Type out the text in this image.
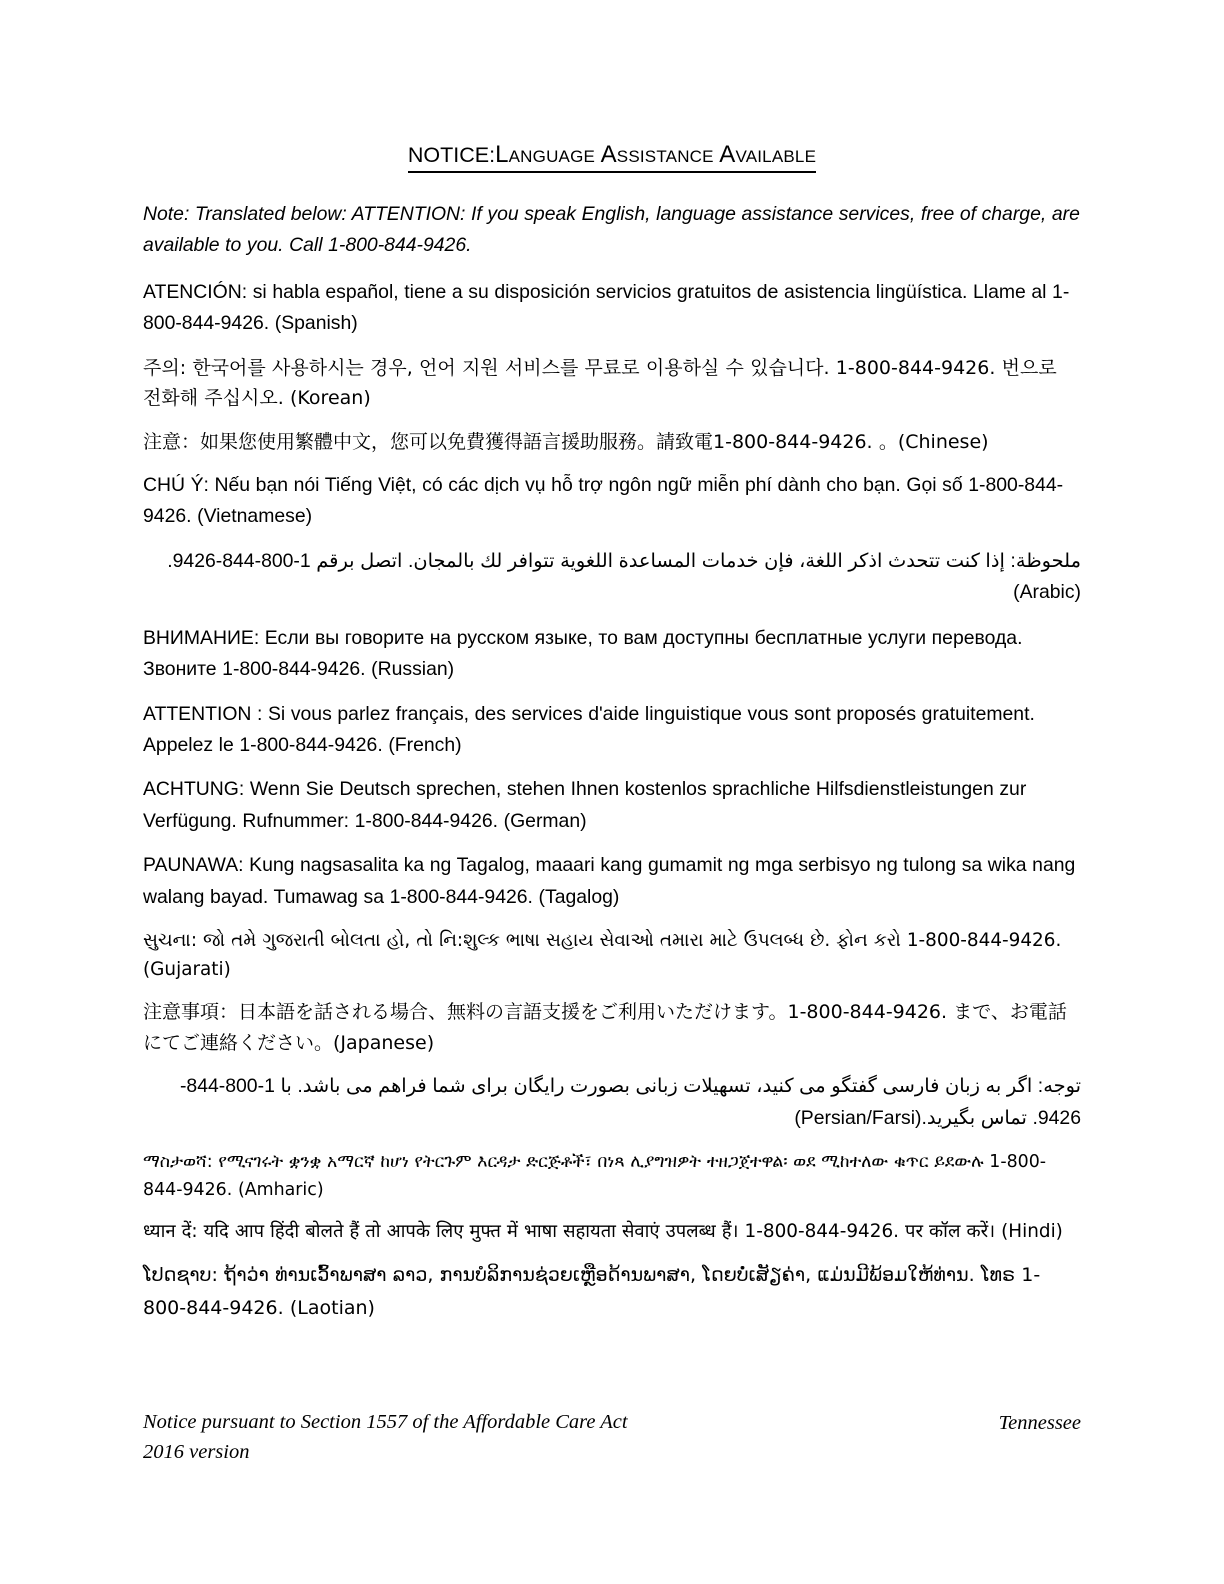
NOTICE:Language Assistance Available

Note: Translated below: ATTENTION: If you speak English, language assistance services, free of charge, are available to you. Call 1-800-844-9426.

ATENCIÓN: si habla español, tiene a su disposición servicios gratuitos de asistencia lingüística. Llame al 1-800-844-9426. (Spanish)

주의: 한국어를 사용하시는 경우, 언어 지원 서비스를 무료로 이용하실 수 있습니다. 1-800-844-9426. 번으로 전화해 주십시오. (Korean)

注意：如果您使用繁體中文，您可以免費獲得語言援助服務。請致電1-800-844-9426. 。(Chinese)

CHÚ Ý: Nếu bạn nói Tiếng Việt, có các dịch vụ hỗ trợ ngôn ngữ miễn phí dành cho bạn. Gọi số 1-800-844-9426. (Vietnamese)

ملحوظة: إذا كنت تتحدث اذكر اللغة، فإن خدمات المساعدة اللغوية تتوافر لك بالمجان. اتصل برقم 1-800-844-9426. (Arabic)

ВНИМАНИЕ: Если вы говорите на русском языке, то вам доступны бесплатные услуги перевода. Звоните 1-800-844-9426. (Russian)

ATTENTION : Si vous parlez français, des services d'aide linguistique vous sont proposés gratuitement. Appelez le 1-800-844-9426. (French)

ACHTUNG: Wenn Sie Deutsch sprechen, stehen Ihnen kostenlos sprachliche Hilfsdienstleistungen zur Verfügung. Rufnummer: 1-800-844-9426. (German)

PAUNAWA: Kung nagsasalita ka ng Tagalog, maaari kang gumamit ng mga serbisyo ng tulong sa wika nang walang bayad. Tumawag sa 1-800-844-9426. (Tagalog)

સુચના: જો તમે ગુજરાતી બોલતા હો, તો નિ:શુલ્ક ભાષા સહાય સેવાઓ તમારા માટે ઉપલબ્ધ છે. ફોન કરો 1-800-844-9426. (Gujarati)

注意事項：日本語を話される場合、無料の言語支援をご利用いただけます。1-800-844-9426. まで、お電話にてご連絡ください。(Japanese)

توجه: اگر به زبان فارسی گفتگو می کنید، تسهیلات زبانی بصورت رایگان برای شما فراهم می باشد. با 1-800-844-9426. تماس بگیرید.(Persian/Farsi)

ማስታወሻ: የሚናገሩት ቋንቋ አማርኛ ከሆነ የትርጉም እርዳታ ድርጅቶች፣ በነጻ ሊያግዝዎት ተዘጋጀተዋል፡ ወደ ሚከተለው ቁጥር ይደውሉ 1-800-844-9426. (Amharic)

ध्यान दें: यदि आप हिंदी बोलते हैं तो आपके लिए मुफ्त में भाषा सहायता सेवाएं उपलब्ध हैं। 1-800-844-9426. पर कॉल करें। (Hindi)

ໂປດຊາບ: ຖ້າວ່າ ທ່ານເວົ້າພາສາ ລາວ, ການບໍລິການຊ່ວຍເຫຼືອດ້ານພາສາ, ໂດຍບໍ່ເສັຽຄ່າ, ແມ່ນມີພ້ອມໃຫ້ທ່ານ. ໂທຣ 1-800-844-9426. (Laotian)

Notice pursuant to Section 1557 of the Affordable Care Act
2016 version
Tennessee
